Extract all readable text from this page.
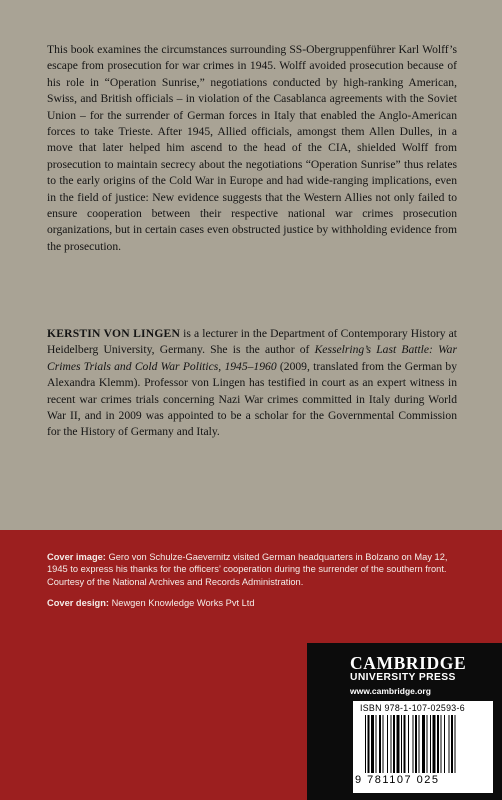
This book examines the circumstances surrounding SS-Obergruppenführer Karl Wolff’s escape from prosecution for war crimes in 1945. Wolff avoided prosecution because of his role in “Operation Sunrise,” negotiations conducted by high-ranking American, Swiss, and British officials – in violation of the Casablanca agreements with the Soviet Union – for the surrender of German forces in Italy that enabled the Anglo-American forces to take Trieste. After 1945, Allied officials, amongst them Allen Dulles, in a move that later helped him ascend to the head of the CIA, shielded Wolff from prosecution to maintain secrecy about the negotiations “Operation Sunrise” thus relates to the early origins of the Cold War in Europe and had wide-ranging implications, even in the field of justice: New evidence suggests that the Western Allies not only failed to ensure cooperation between their respective national war crimes prosecution organizations, but in certain cases even obstructed justice by withholding evidence from the prosecution.

KERSTIN VON LINGEN is a lecturer in the Department of Contemporary History at Heidelberg University, Germany. She is the author of Kesselring’s Last Battle: War Crimes Trials and Cold War Politics, 1945–1960 (2009, translated from the German by Alexandra Klemm). Professor von Lingen has testified in court as an expert witness in recent war crimes trials concerning Nazi War crimes committed in Italy during World War II, and in 2009 was appointed to be a scholar for the Governmental Commission for the History of Germany and Italy.

Cover image: Gero von Schulze-Gaevernitz visited German headquarters in Bolzano on May 12, 1945 to express his thanks for the officers’ cooperation during the surrender of the southern front. Courtesy of the National Archives and Records Administration.

Cover design: Newgen Knowledge Works Pvt Ltd

CAMBRIDGE
UNIVERSITY PRESS
www.cambridge.org
ISBN 978-1-107-02593-6
9 781107 025
